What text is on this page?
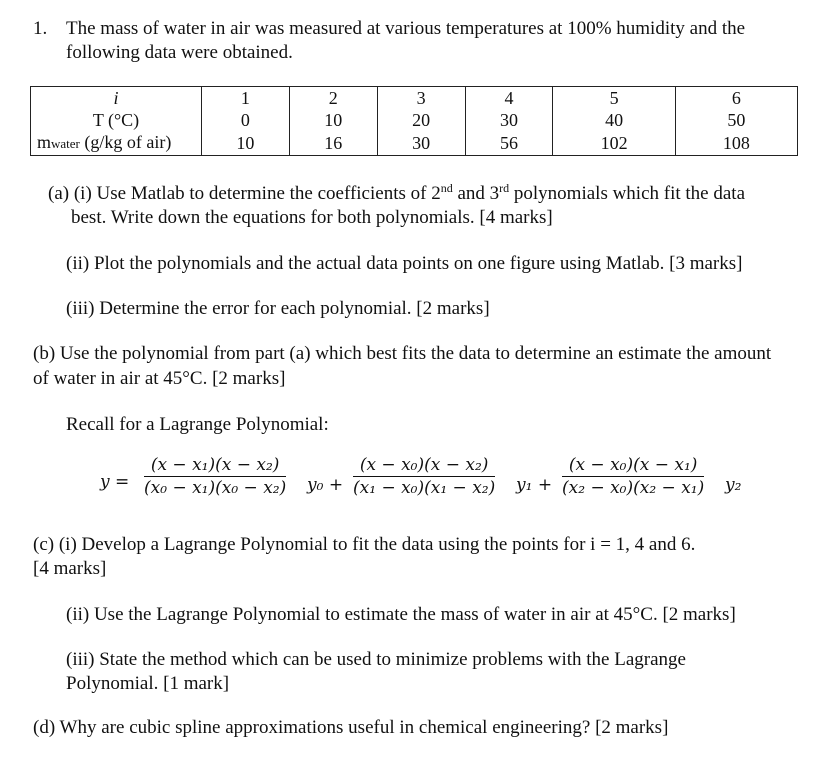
1. The mass of water in air was measured at various temperatures at 100% humidity and the
following data were obtained.
i	1	2	3	4	5	6
T (°C)	0	10	20	30	40	50
mwater (g/kg of air)	10	16	30	56	102	108
(a) (i) Use Matlab to determine the coefficients of 2nd and 3rd polynomials which fit the data
best. Write down the equations for both polynomials. [4 marks]
(ii) Plot the polynomials and the actual data points on one figure using Matlab. [3 marks]
(iii) Determine the error for each polynomial. [2 marks]
(b) Use the polynomial from part (a) which best fits the data to determine an estimate the amount
of water in air at 45°C. [2 marks]
Recall for a Lagrange Polynomial:
$y = \frac{\text{(x − x₁)(x − x₂)}}{\text{(x₀ − x₁)(x₀ − x₂)}} y_0 + \frac{\text{(x − x₀)(x − x₂)}}{\text{(x₁ − x₀)(x₁ − x₂)}} y_1 + \frac{\text{(x − x₀)(x − x₁)}}{\text{(x₂ − x₀)(x₂ − x₁)}} y_2$
(c) (i) Develop a Lagrange Polynomial to fit the data using the points for i = 1, 4 and 6.
[4 marks]
(ii) Use the Lagrange Polynomial to estimate the mass of water in air at 45°C. [2 marks]
(iii) State the method which can be used to minimize problems with the Lagrange
Polynomial. [1 mark]
(d) Why are cubic spline approximations useful in chemical engineering? [2 marks]
